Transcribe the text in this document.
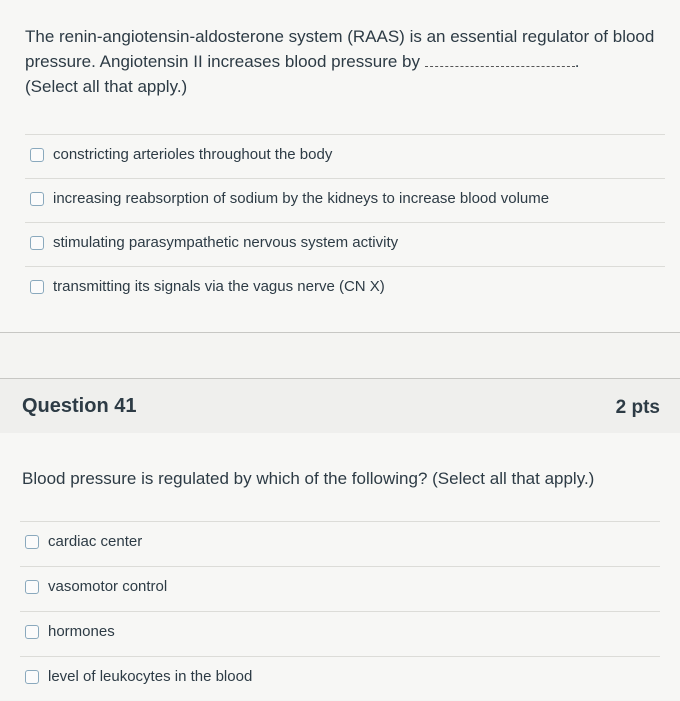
The renin-angiotensin-aldosterone system (RAAS) is an essential regulator of blood pressure. Angiotensin II increases blood pressure by	.
(Select all that apply.)
constricting arterioles throughout the body
increasing reabsorption of sodium by the kidneys to increase blood volume
stimulating parasympathetic nervous system activity
transmitting its signals via the vagus nerve (CN X)
Question 41	2 pts
Blood pressure is regulated by which of the following? (Select all that apply.)
cardiac center
vasomotor control
hormones
level of leukocytes in the blood
